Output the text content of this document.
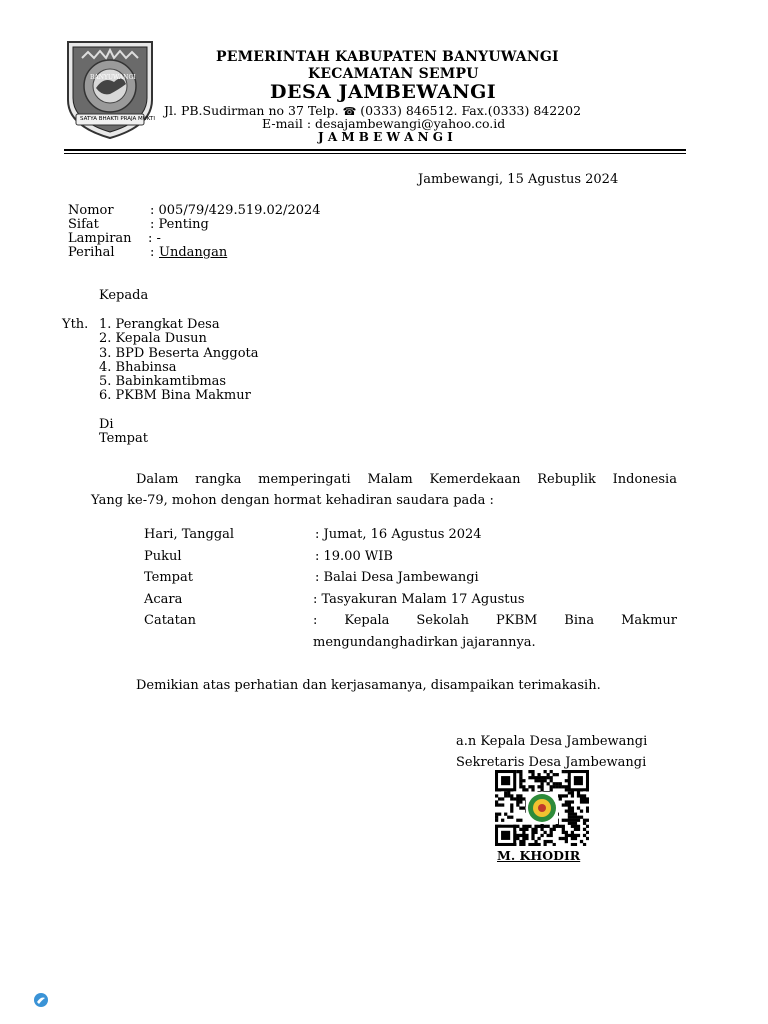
BANYUWANGI
SATYA BHAKTI PRAJA MUKTI
PEMERINTAH KABUPATEN BANYUWANGI
KECAMATAN SEMPU
DESA JAMBEWANGI
Jl. PB.Sudirman no 37 Telp. ☎ (0333) 846512. Fax.(0333) 842202
E-mail : desajambewangi@yahoo.co.id
J A M B E W A N G I
Jambewangi, 15 Agustus 2024
Nomor	: 005/79/429.519.02/2024
Sifat	: Penting
Lampiran : -
Perihal	: Undangan
Kepada
Yth. 1. Perangkat Desa
2. Kepala Dusun
3. BPD Beserta Anggota
4. Bhabinsa
5. Babinkamtibmas
6. PKBM Bina Makmur
Di
Tempat
Dalam rangka memperingati Malam Kemerdekaan Rebuplik Indonesia
Yang ke-79, mohon dengan hormat kehadiran saudara pada :
Hari, Tanggal	: Jumat, 16 Agustus 2024
Pukul	: 19.00 WIB
Tempat	: Balai Desa Jambewangi
Acara	: Tasyakuran Malam 17 Agustus
Catatan	: Kepala Sekolah PKBM Bina Makmur
mengundanghadirkan jajarannya.
Demikian atas perhatian dan kerjasamanya, disampaikan terimakasih.
a.n Kepala Desa Jambewangi
Sekretaris Desa Jambewangi
M. KHODIR
